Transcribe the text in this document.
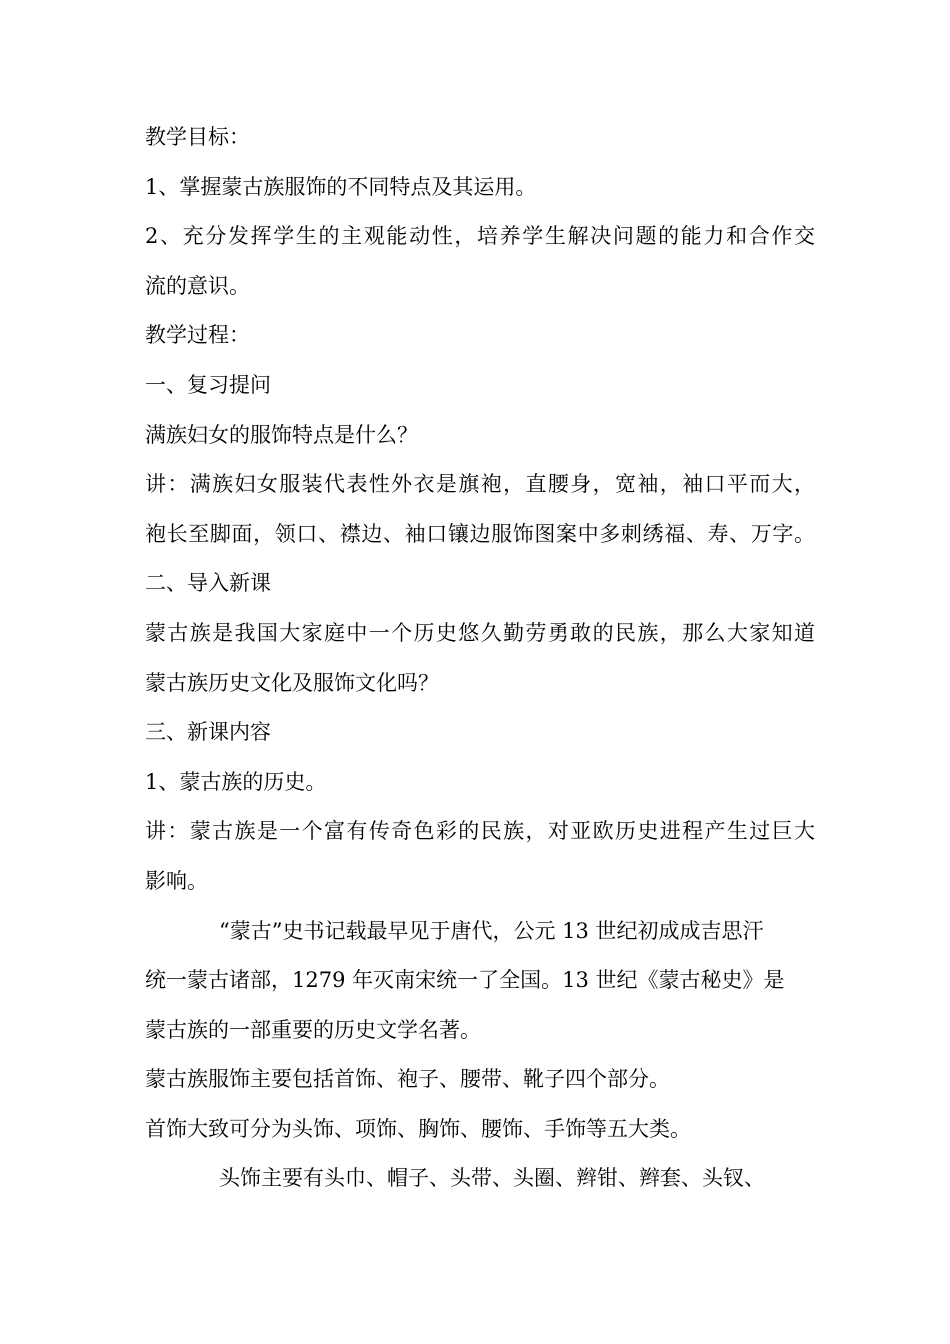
教学目标：
1、掌握蒙古族服饰的不同特点及其运用。
2、充分发挥学生的主观能动性，培养学生解决问题的能力和合作交
流的意识。
教学过程：
一、复习提问
满族妇女的服饰特点是什么？
讲：满族妇女服装代表性外衣是旗袍，直腰身，宽袖，袖口平而大，
袍长至脚面，领口、襟边、袖口镶边服饰图案中多刺绣福、寿、万字。
二、导入新课
蒙古族是我国大家庭中一个历史悠久勤劳勇敢的民族，那么大家知道
蒙古族历史文化及服饰文化吗？
三、新课内容
1、蒙古族的历史。
讲：蒙古族是一个富有传奇色彩的民族，对亚欧历史进程产生过巨大
影响。
“蒙古”史书记载最早见于唐代，公元 13 世纪初成成吉思汗
统一蒙古诸部，1279 年灭南宋统一了全国。13 世纪《蒙古秘史》是
蒙古族的一部重要的历史文学名著。
蒙古族服饰主要包括首饰、袍子、腰带、靴子四个部分。
首饰大致可分为头饰、项饰、胸饰、腰饰、手饰等五大类。
头饰主要有头巾、帽子、头带、头圈、辫钳、辫套、头钗、
